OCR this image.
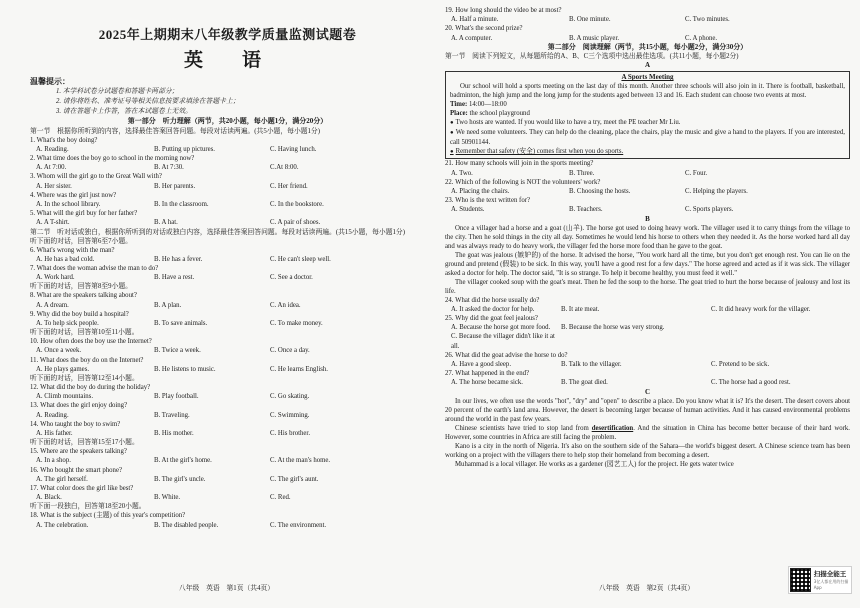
2025年上期期末八年级教学质量监测试题卷
英　语
温馨提示：
1. 本学科试卷分试题卷和答题卡两部分；
2. 请你将姓名、准考证号等相关信息按要求填涂在答题卡上；
3. 请在答题卡上作答，答在本试题卷上无效。
第一部分　听力理解（两节，共20小题，每小题1分，满分20分）
第一节　根据你所听到的内容，选择最佳答案回答问题。每段对话读两遍。(共5小题，每小题1分)
1. What's the boy doing?
A. Reading.	B. Putting up pictures.	C. Having lunch.
2. What time does the boy go to school in the morning now?
A. At 7:00.	B. At 7:30.	C.At 8:00.
3. Whom will the girl go to the Great Wall with?
A. Her sister.	B. Her parents.	C. Her friend.
4. Where was the girl just now?
A. In the school library.	B. In the classroom.	C. In the bookstore.
5. What will the girl buy for her father?
A. A T-shirt.	B. A hat.	C. A pair of shoes.
第二节　听对话或独白，根据你所听到的对话或独白内容，选择最佳答案回答问题。每段对话读两遍。(共15小题，每小题1分)
听下面的对话，回答第6至7小题。
6. What's wrong with the man?
A. He has a bad cold.	B. He has a fever.	C. He can't sleep well.
7. What does the woman advise the man to do?
A. Work hard.	B. Have a rest.	C. See a doctor.
听下面的对话，回答第8至9小题。
8. What are the speakers talking about?
A. A dream.	B. A plan.	C. An idea.
9. Why did the boy build a hospital?
A. To help sick people.	B. To save animals.	C. To make money.
听下面的对话，回答第10至11小题。
10. How often does the boy use the Internet?
A. Once a week.	B. Twice a week.	C. Once a day.
11. What does the boy do on the Internet?
A. He plays games.	B. He listens to music.	C. He learns English.
听下面的对话，回答第12至14小题。
12. What did the boy do during the holiday?
A. Climb mountains.	B. Play football.	C. Go skating.
13. What does the girl enjoy doing?
A. Reading.	B. Traveling.	C. Swimming.
14. Who taught the boy to swim?
A. His father.	B. His mother.	C. His brother.
听下面的对话，回答第15至17小题。
15. Where are the speakers talking?
A. In a shop.	B. At the girl's home.	C. At the man's home.
16. Who bought the smart phone?
A. The girl herself.	B. The girl's uncle.	C. The girl's aunt.
17. What color does the girl like best?
A. Black.	B. White.	C. Red.
听下面一段独白，回答第18至20小题。
18. What is the subject (主题) of this year's competition?
A. The celebration.	B. The disabled people.	C. The environment.
八年级　英语　第1页（共4页）
19. How long should the video be at most?
A. Half a minute.	B. One minute.	C. Two minutes.
20. What's the second prize?
A. A computer.	B. A music player.	C. A phone.
第二部分　阅读理解（两节，共15小题，每小题2分，满分30分）
第一节　阅读下列短文，从每题所给的A、B、C三个选项中选出最佳选项。(共11小题，每小题2分)
A
A Sports Meeting
Our school will hold a sports meeting on the last day of this month. Another three schools will also join in it. There is football, basketball, badminton, the high jump and the long jump for the students aged between 13 and 16. Each student can choose two events at most.
Time: 14:00—18:00
Place: the school playground
● Two hosts are wanted. If you would like to have a try, meet the PE teacher Mr Liu.
● We need some volunteers. They can help do the cleaning, place the chairs, play the music and give a hand to the players. If you are interested, call 50901144.
● Remember that safety (安全) comes first when you do sports.
21. How many schools will join in the sports meeting?
A. Two.	B. Three.	C. Four.
22. Which of the following is NOT the volunteers' work?
A. Placing the chairs.	B. Choosing the hosts.	C. Helping the players.
23. Who is the text written for?
A. Students.	B. Teachers.	C. Sports players.
B
Once a villager had a horse and a goat (山羊). The horse got used to doing heavy work. The villager used it to carry things from the village to the city. Then he sold things in the city all day. Sometimes he would lend his horse to others when they needed it. As the horse worked hard all day and was always ready to do heavy work, the villager fed the horse more food than he gave to the goat.
The goat was jealous (嫉妒的) of the horse. It advised the horse, "You work hard all the time, but you don't get enough rest. You can lie on the ground and pretend (假装) to be sick. In this way, you'll have a good rest for a few days." The horse agreed and acted as if it was sick. The villager asked a doctor for help. The doctor said, "It is so strange. To help it become healthy, you must feed it well."
The villager cooked soup with the goat's meat. Then he fed the soup to the horse. The goat tried to hurt the horse because of jealousy and lost its life.
24. What did the horse usually do?
A. It asked the doctor for help.	B. It ate meat.	C. It did heavy work for the villager.
25. Why did the goat feel jealous?
A. Because the horse got more food.	B. Because the horse was very strong.
C. Because the villager didn't like it at all.
26. What did the goat advise the horse to do?
A. Have a good sleep.	B. Talk to the villager.	C. Pretend to be sick.
27. What happened in the end?
A. The horse became sick.	B. The goat died.	C. The horse had a good rest.
C
In our lives, we often use the words "hot", "dry" and "open" to describe a place. Do you know what it is? It's the desert. The desert covers about 20 percent of the earth's land area. However, the desert is becoming larger because of human activities. And it has caused environmental problems around the world in the past few years.
Chinese scientists have tried to stop land from desertification. And the situation in China has become better because of their hard work. However, some countries in Africa are still facing the problem.
Kano is a city in the north of Nigeria. It's also on the southern side of the Sahara—the world's biggest desert. A Chinese science team has been working on a project with the villagers there to help stop their homeland from becoming a desert.
Muhammad is a local villager. He works as a gardener (园艺工人) for the project. He gets water twice
八年级　英语　第2页（共4页）
扫描全能王
3亿人都在用的扫描App
